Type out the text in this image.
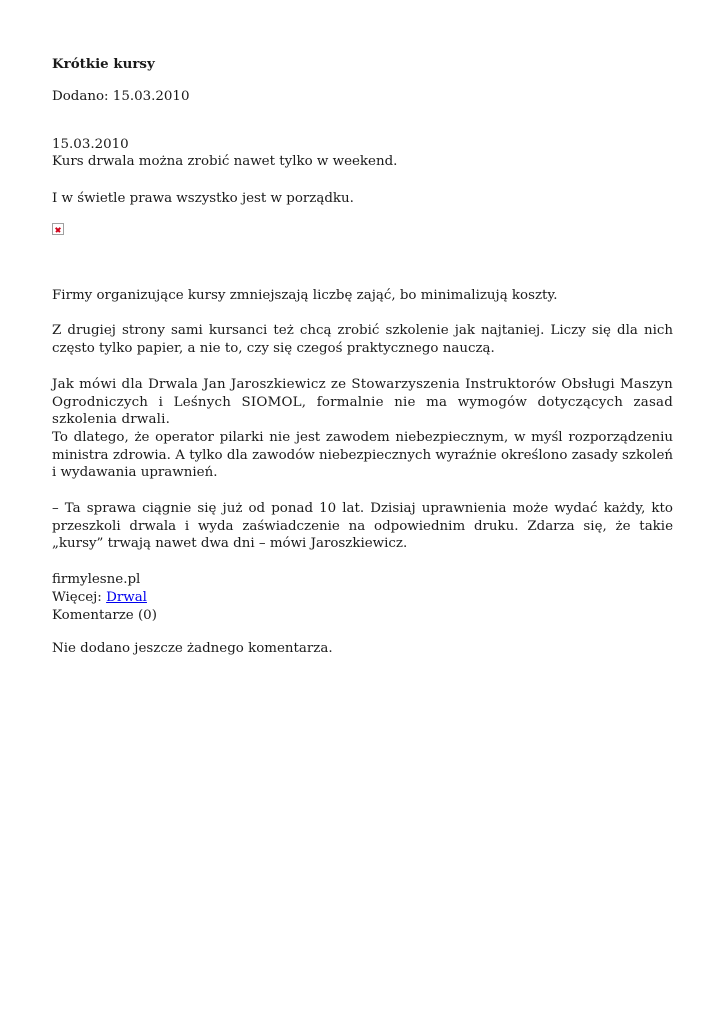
Krótkie kursy
Dodano: 15.03.2010
15.03.2010
Kurs drwala można zrobić nawet tylko w weekend.
I w świetle prawa wszystko jest w porządku.

Firmy organizujące kursy zmniejszają liczbę zająć, bo minimalizują koszty.

Z drugiej strony sami kursanci też chcą zrobić szkolenie jak najtaniej. Liczy się dla nich często tylko papier, a nie to, czy się czegoś praktycznego nauczą.

Jak mówi dla Drwala Jan Jaroszkiewicz ze Stowarzyszenia Instruktorów Obsługi Maszyn Ogrodniczych i Leśnych SIOMOL, formalnie nie ma wymogów dotyczących zasad szkolenia drwali.

To dlatego, że operator pilarki nie jest zawodem niebezpiecznym, w myśl rozporządzeniu ministra zdrowia. A tylko dla zawodów niebezpiecznych wyraźnie określono zasady szkoleń i wydawania uprawnień.

– Ta sprawa ciągnie się już od ponad 10 lat. Dzisiaj uprawnienia może wydać każdy, kto przeszkoli drwala i wyda zaświadczenie na odpowiednim druku. Zdarza się, że takie „kursy” trwają nawet dwa dni – mówi Jaroszkiewicz.

firmylesne.pl
Więcej: Drwal
Komentarze (0)
Nie dodano jeszcze żadnego komentarza.
